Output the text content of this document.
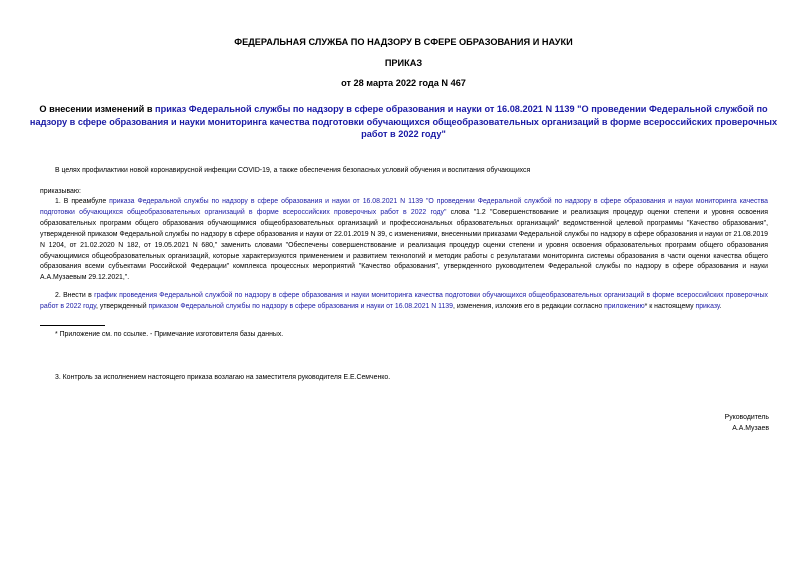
ФЕДЕРАЛЬНАЯ СЛУЖБА ПО НАДЗОРУ В СФЕРЕ ОБРАЗОВАНИЯ И НАУКИ
ПРИКАЗ
от 28 марта 2022 года N 467
О внесении изменений в приказ Федеральной службы по надзору в сфере образования и науки от 16.08.2021 N 1139 "О проведении Федеральной службой по надзору в сфере образования и науки мониторинга качества подготовки обучающихся общеобразовательных организаций в форме всероссийских проверочных работ в 2022 году"
В целях профилактики новой коронавирусной инфекции COVID-19, а также обеспечения безопасных условий обучения и воспитания обучающихся
приказываю:
1. В преамбуле приказа Федеральной службы по надзору в сфере образования и науки от 16.08.2021 N 1139 "О проведении Федеральной службой по надзору в сфере образования и науки мониторинга качества подготовки обучающихся общеобразовательных организаций в форме всероссийских проверочных работ в 2022 году" слова "1.2 "Совершенствование и реализация процедур оценки степени и уровня освоения образовательных программ общего образования обучающимися общеобразовательных организаций и профессиональных образовательных организаций" ведомственной целевой программы "Качество образования", утвержденной приказом Федеральной службы по надзору в сфере образования и науки от 22.01.2019 N 39, с изменениями, внесенными приказами Федеральной службы по надзору в сфере образования и науки от 21.08.2019 N 1204, от 21.02.2020 N 182, от 19.05.2021 N 680," заменить словами "Обеспечены совершенствование и реализация процедур оценки степени и уровня освоения образовательных программ общего образования обучающимися общеобразовательных организаций, которые характеризуются применением и развитием технологий и методик работы с результатами мониторинга системы образования в части оценки качества общего образования всеми субъектами Российской Федерации" комплекса процессных мероприятий "Качество образования", утвержденного руководителем Федеральной службы по надзору в сфере образования и науки А.А.Музаевым 29.12.2021,".
2. Внести в график проведения Федеральной службой по надзору в сфере образования и науки мониторинга качества подготовки обучающихся общеобразовательных организаций в форме всероссийских проверочных работ в 2022 году, утвержденный приказом Федеральной службы по надзору в сфере образования и науки от 16.08.2021 N 1139, изменения, изложив его в редакции согласно приложению* к настоящему приказу.
* Приложение см. по ссылке. - Примечание изготовителя базы данных.
3. Контроль за исполнением настоящего приказа возлагаю на заместителя руководителя Е.Е.Семченко.
Руководитель
А.А.Музаев
